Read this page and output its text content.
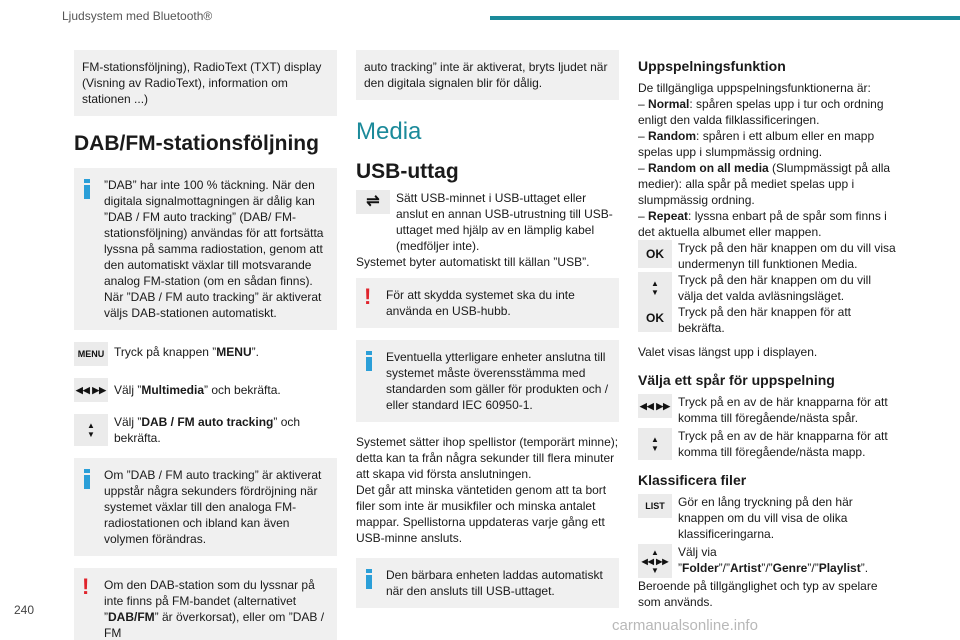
Ljudsystem med Bluetooth®
FM-stationsföljning), RadioText (TXT) display (Visning av RadioText), information om stationen ...)
DAB/FM-stationsföljning
”DAB” har inte 100 % täckning. När den digitala signalmottagningen är dålig kan ”DAB / FM auto tracking” (DAB/ FM-stationsföljning) användas för att fortsätta lyssna på samma radiostation, genom att den automatiskt växlar till motsvarande analog FM-station (om en sådan finns). När ”DAB / FM auto tracking” är aktiverat väljs DAB-stationen automatiskt.
MENU Tryck på knappen ”MENU”.
◀◀ ▶▶ Välj ”Multimedia” och bekräfta.
▲
▼
Välj ”DAB / FM auto tracking” och bekräfta.
Om ”DAB / FM auto tracking” är aktiverat uppstår några sekunders fördröjning när systemet växlar till den analoga FM-radiostationen och ibland kan även volymen förändras.
! Om den DAB-station som du lyssnar på inte finns på FM-bandet (alternativet ”DAB/FM” är överkorsat), eller om ”DAB / FM
auto tracking” inte är aktiverat, bryts ljudet när den digitala signalen blir för dålig.
Media
USB-uttag
⇌	Sätt USB-minnet i USB-uttaget eller anslut en annan USB-utrustning till USB-uttaget med hjälp av en lämplig kabel (medföljer inte).
Systemet byter automatiskt till källan ”USB”.
! För att skydda systemet ska du inte använda en USB-hubb.
Eventuella ytterligare enheter anslutna till systemet måste överensstämma med standarden som gäller för produkten och / eller standard IEC 60950-1.
Systemet sätter ihop spellistor (temporärt minne); detta kan ta från några sekunder till flera minuter att skapa vid första anslutningen.
Det går att minska väntetiden genom att ta bort filer som inte är musikfiler och minska antalet mappar. Spellistorna uppdateras varje gång ett USB-minne ansluts.
Den bärbara enheten laddas automatiskt när den ansluts till USB-uttaget.
Uppspelningsfunktion
De tillgängliga uppspelningsfunktionerna är:
– Normal: spåren spelas upp i tur och ordning enligt den valda filklassificeringen.
– Random: spåren i ett album eller en mapp spelas upp i slumpmässig ordning.
– Random on all media (Slumpmässigt på alla medier): alla spår på mediet spelas upp i slumpmässig ordning.
– Repeat: lyssna enbart på de spår som finns i det aktuella albumet eller mappen.
OK	Tryck på den här knappen om du vill visa undermenyn till funktionen Media.
▲
▼
Tryck på den här knappen om du vill välja det valda avläsningsläget.
OK	Tryck på den här knappen för att bekräfta.
Valet visas längst upp i displayen.
Välja ett spår för uppspelning
◀◀ ▶▶ Tryck på en av de här knapparna för att komma till föregående/nästa spår.
▲
▼
Tryck på en av de här knapparna för att komma till föregående/nästa mapp.
Klassificera filer
LIST	Gör en lång tryckning på den här knappen om du vill visa de olika klassificeringarna.
▲
◀◀ ▶▶
▼
Välj via
”Folder”/”Artist”/”Genre”/”Playlist”.
Beroende på tillgänglighet och typ av spelare som används.
240
carmanualsonline.info
